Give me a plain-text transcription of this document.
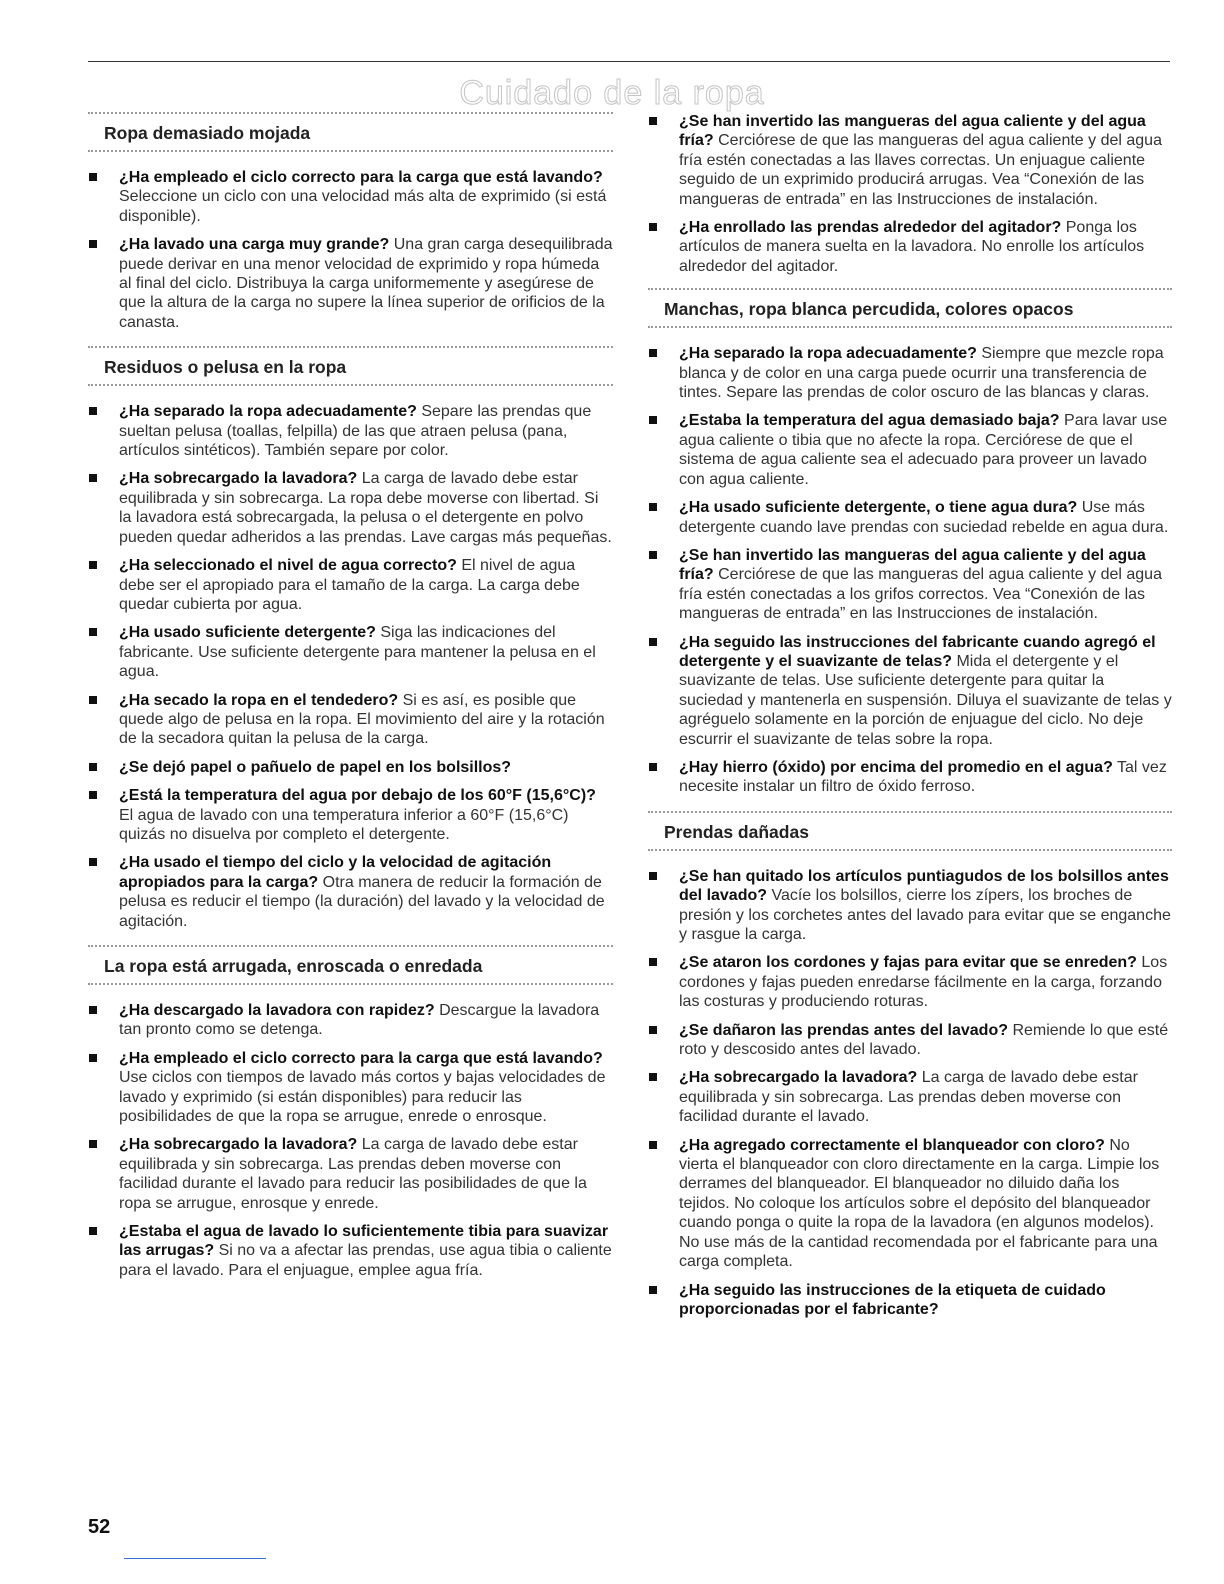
Cuidado de la ropa
Ropa demasiado mojada
¿Ha empleado el ciclo correcto para la carga que está lavando? Seleccione un ciclo con una velocidad más alta de exprimido (si está disponible).
¿Ha lavado una carga muy grande? Una gran carga desequilibrada puede derivar en una menor velocidad de exprimido y ropa húmeda al final del ciclo. Distribuya la carga uniformemente y asegúrese de que la altura de la carga no supere la línea superior de orificios de la canasta.
Residuos o pelusa en la ropa
¿Ha separado la ropa adecuadamente? Separe las prendas que sueltan pelusa (toallas, felpilla) de las que atraen pelusa (pana, artículos sintéticos). También separe por color.
¿Ha sobrecargado la lavadora? La carga de lavado debe estar equilibrada y sin sobrecarga. La ropa debe moverse con libertad. Si la lavadora está sobrecargada, la pelusa o el detergente en polvo pueden quedar adheridos a las prendas. Lave cargas más pequeñas.
¿Ha seleccionado el nivel de agua correcto? El nivel de agua debe ser el apropiado para el tamaño de la carga. La carga debe quedar cubierta por agua.
¿Ha usado suficiente detergente? Siga las indicaciones del fabricante. Use suficiente detergente para mantener la pelusa en el agua.
¿Ha secado la ropa en el tendedero? Si es así, es posible que quede algo de pelusa en la ropa. El movimiento del aire y la rotación de la secadora quitan la pelusa de la carga.
¿Se dejó papel o pañuelo de papel en los bolsillos?
¿Está la temperatura del agua por debajo de los 60°F (15,6°C)? El agua de lavado con una temperatura inferior a 60°F (15,6°C) quizás no disuelva por completo el detergente.
¿Ha usado el tiempo del ciclo y la velocidad de agitación apropiados para la carga? Otra manera de reducir la formación de pelusa es reducir el tiempo (la duración) del lavado y la velocidad de agitación.
La ropa está arrugada, enroscada o enredada
¿Ha descargado la lavadora con rapidez? Descargue la lavadora tan pronto como se detenga.
¿Ha empleado el ciclo correcto para la carga que está lavando? Use ciclos con tiempos de lavado más cortos y bajas velocidades de lavado y exprimido (si están disponibles) para reducir las posibilidades de que la ropa se arrugue, enrede o enrosque.
¿Ha sobrecargado la lavadora? La carga de lavado debe estar equilibrada y sin sobrecarga. Las prendas deben moverse con facilidad durante el lavado para reducir las posibilidades de que la ropa se arrugue, enrosque y enrede.
¿Estaba el agua de lavado lo suficientemente tibia para suavizar las arrugas? Si no va a afectar las prendas, use agua tibia o caliente para el lavado. Para el enjuague, emplee agua fría.
¿Se han invertido las mangueras del agua caliente y del agua fría? Cerciórese de que las mangueras del agua caliente y del agua fría estén conectadas a las llaves correctas. Un enjuague caliente seguido de un exprimido producirá arrugas. Vea “Conexión de las mangueras de entrada” en las Instrucciones de instalación.
¿Ha enrollado las prendas alrededor del agitador? Ponga los artículos de manera suelta en la lavadora. No enrolle los artículos alrededor del agitador.
Manchas, ropa blanca percudida, colores opacos
¿Ha separado la ropa adecuadamente? Siempre que mezcle ropa blanca y de color en una carga puede ocurrir una transferencia de tintes. Separe las prendas de color oscuro de las blancas y claras.
¿Estaba la temperatura del agua demasiado baja? Para lavar use agua caliente o tibia que no afecte la ropa. Cerciórese de que el sistema de agua caliente sea el adecuado para proveer un lavado con agua caliente.
¿Ha usado suficiente detergente, o tiene agua dura? Use más detergente cuando lave prendas con suciedad rebelde en agua dura.
¿Se han invertido las mangueras del agua caliente y del agua fría? Cerciórese de que las mangueras del agua caliente y del agua fría estén conectadas a los grifos correctos. Vea “Conexión de las mangueras de entrada” en las Instrucciones de instalación.
¿Ha seguido las instrucciones del fabricante cuando agregó el detergente y el suavizante de telas? Mida el detergente y el suavizante de telas. Use suficiente detergente para quitar la suciedad y mantenerla en suspensión. Diluya el suavizante de telas y agréguelo solamente en la porción de enjuague del ciclo. No deje escurrir el suavizante de telas sobre la ropa.
¿Hay hierro (óxido) por encima del promedio en el agua? Tal vez necesite instalar un filtro de óxido ferroso.
Prendas dañadas
¿Se han quitado los artículos puntiagudos de los bolsillos antes del lavado? Vacíe los bolsillos, cierre los zípers, los broches de presión y los corchetes antes del lavado para evitar que se enganche y rasgue la carga.
¿Se ataron los cordones y fajas para evitar que se enreden? Los cordones y fajas pueden enredarse fácilmente en la carga, forzando las costuras y produciendo roturas.
¿Se dañaron las prendas antes del lavado? Remiende lo que esté roto y descosido antes del lavado.
¿Ha sobrecargado la lavadora? La carga de lavado debe estar equilibrada y sin sobrecarga. Las prendas deben moverse con facilidad durante el lavado.
¿Ha agregado correctamente el blanqueador con cloro? No vierta el blanqueador con cloro directamente en la carga. Limpie los derrames del blanqueador. El blanqueador no diluido daña los tejidos. No coloque los artículos sobre el depósito del blanqueador cuando ponga o quite la ropa de la lavadora (en algunos modelos). No use más de la cantidad recomendada por el fabricante para una carga completa.
¿Ha seguido las instrucciones de la etiqueta de cuidado proporcionadas por el fabricante?
52
